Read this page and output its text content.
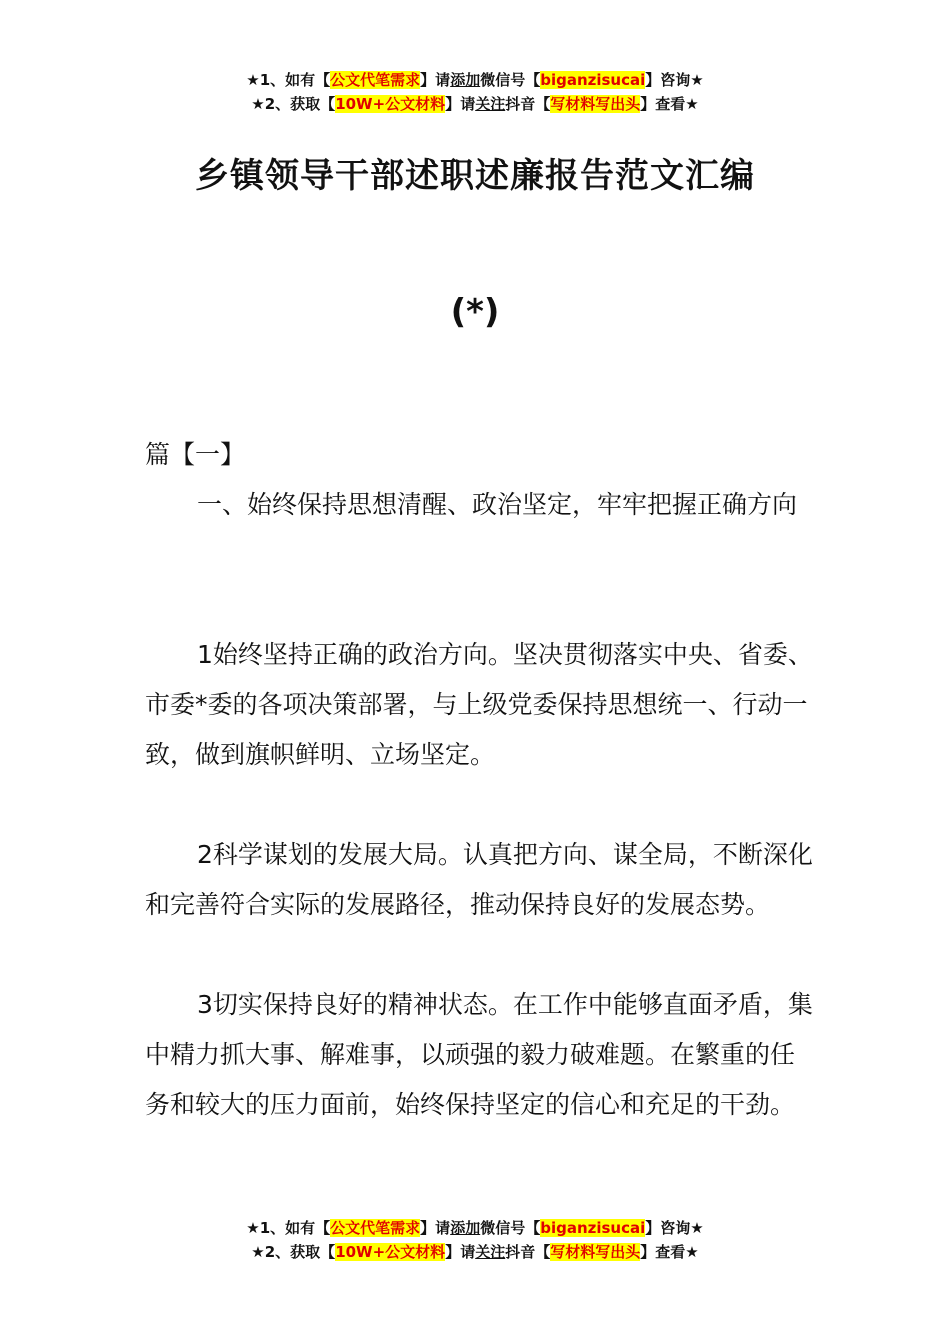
★1、如有【公文代笔需求】请添加微信号【biganzisucai】咨询★
★2、获取【10W+公文材料】请关注抖音【写材料写出头】查看★
乡镇领导干部述职述廉报告范文汇编
(*)
篇【一】

一、始终保持思想清醒、政治坚定，牢牢把握正确方向

1始终坚持正确的政治方向。坚决贯彻落实中央、省委、市委*委的各项决策部署，与上级党委保持思想统一、行动一致，做到旗帜鲜明、立场坚定。

2科学谋划的发展大局。认真把方向、谋全局，不断深化和完善符合实际的发展路径，推动保持良好的发展态势。

3切实保持良好的精神状态。在工作中能够直面矛盾，集中精力抓大事、解难事，以顽强的毅力破难题。在繁重的任务和较大的压力面前，始终保持坚定的信心和充足的干劲。

★1、如有【公文代笔需求】请添加微信号【biganzisucai】咨询★
★2、获取【10W+公文材料】请关注抖音【写材料写出头】查看★
